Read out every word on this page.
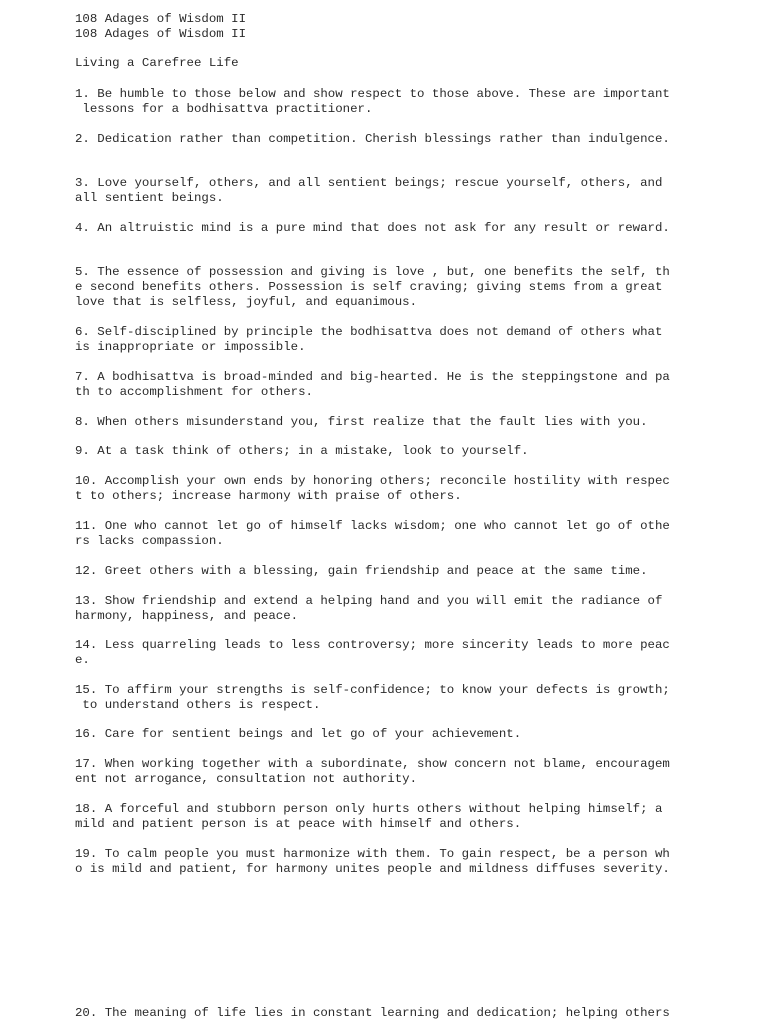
108 Adages of Wisdom II

108 Adages of Wisdom II

Living a Carefree Life

1. Be humble to those below and show respect to those above. These are important

lessons for a bodhisattva practitioner.

2. Dedication rather than competition. Cherish blessings rather than indulgence.

3. Love yourself, others, and all sentient beings; rescue yourself, others, and

all sentient beings.

4. An altruistic mind is a pure mind that does not ask for any result or reward.

5. The essence of possession and giving is love , but, one benefits the self, th

e second benefits others. Possession is self craving; giving stems from a great

love that is selfless, joyful, and equanimous.

6. Self-disciplined by principle the bodhisattva does not demand of others what

is inappropriate or impossible.

7. A bodhisattva is broad-minded and big-hearted. He is the steppingstone and pa

th to accomplishment for others.

8. When others misunderstand you, first realize that the fault lies with you.

9. At a task think of others; in a mistake, look to yourself.

10. Accomplish your own ends by honoring others; reconcile hostility with respec

t to others; increase harmony with praise of others.

11. One who cannot let go of himself lacks wisdom; one who cannot let go of othe

rs lacks compassion.

12. Greet others with a blessing, gain friendship and peace at the same time.

13. Show friendship and extend a helping hand and you will emit the radiance of

harmony, happiness, and peace.

14. Less quarreling leads to less controversy; more sincerity leads to more peac

e.

15. To affirm your strengths is self-confidence; to know your defects is growth;

to understand others is respect.

16. Care for sentient beings and let go of your achievement.

17. When working together with a subordinate, show concern not blame, encouragem

ent not arrogance, consultation not authority.

18. A forceful and stubborn person only hurts others without helping himself; a

mild and patient person is at peace with himself and others.

19. To calm people you must harmonize with them. To gain respect, be a person wh

o is mild and patient, for harmony unites people and mildness diffuses severity.

20. The meaning of life lies in constant learning and dedication; helping others
